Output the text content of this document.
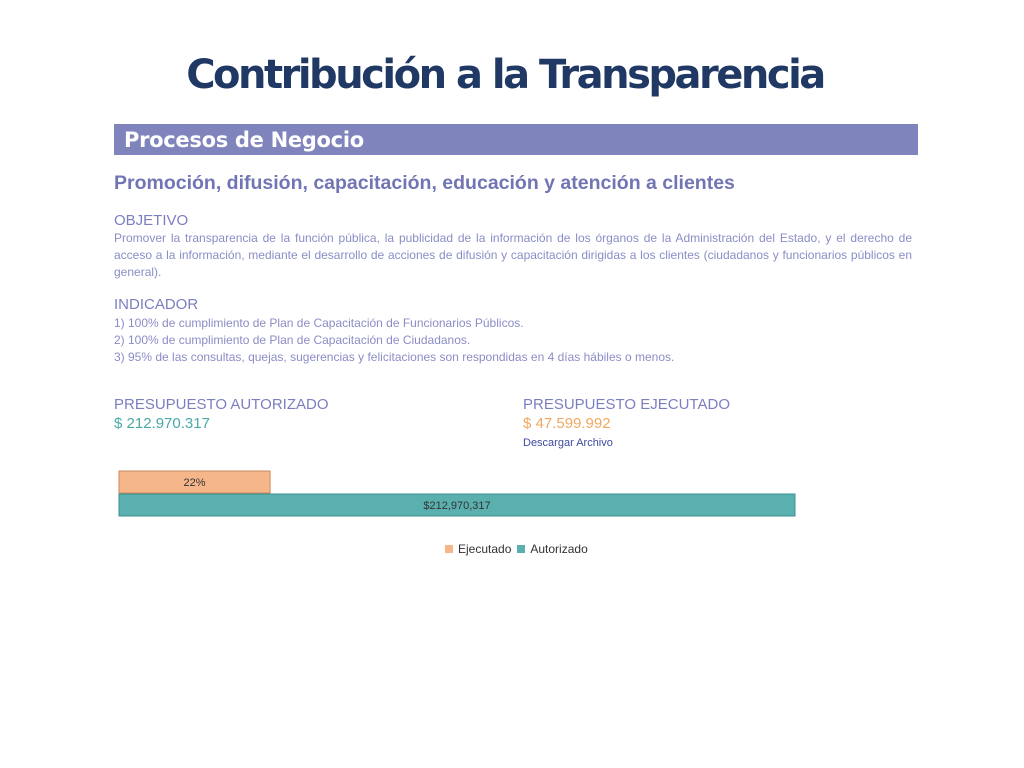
Contribución a la Transparencia
Procesos de Negocio
Promoción, difusión, capacitación, educación y atención a clientes
OBJETIVO
Promover la transparencia de la función pública, la publicidad de la información de los órganos de la Administración del Estado, y el derecho de acceso a la información, mediante el desarrollo de acciones de difusión y capacitación dirigidas a los clientes (ciudadanos y funcionarios públicos en general).
INDICADOR
1) 100% de cumplimiento de Plan de Capacitación de Funcionarios Públicos.
2) 100% de cumplimiento de Plan de Capacitación de Ciudadanos.
3) 95% de las consultas, quejas, sugerencias y felicitaciones son respondidas en 4 días hábiles o menos.
PRESUPUESTO AUTORIZADO
$ 212.970.317
PRESUPUESTO EJECUTADO
$ 47.599.992
Descargar Archivo
22%
$212,970,317
Ejecutado Autorizado
